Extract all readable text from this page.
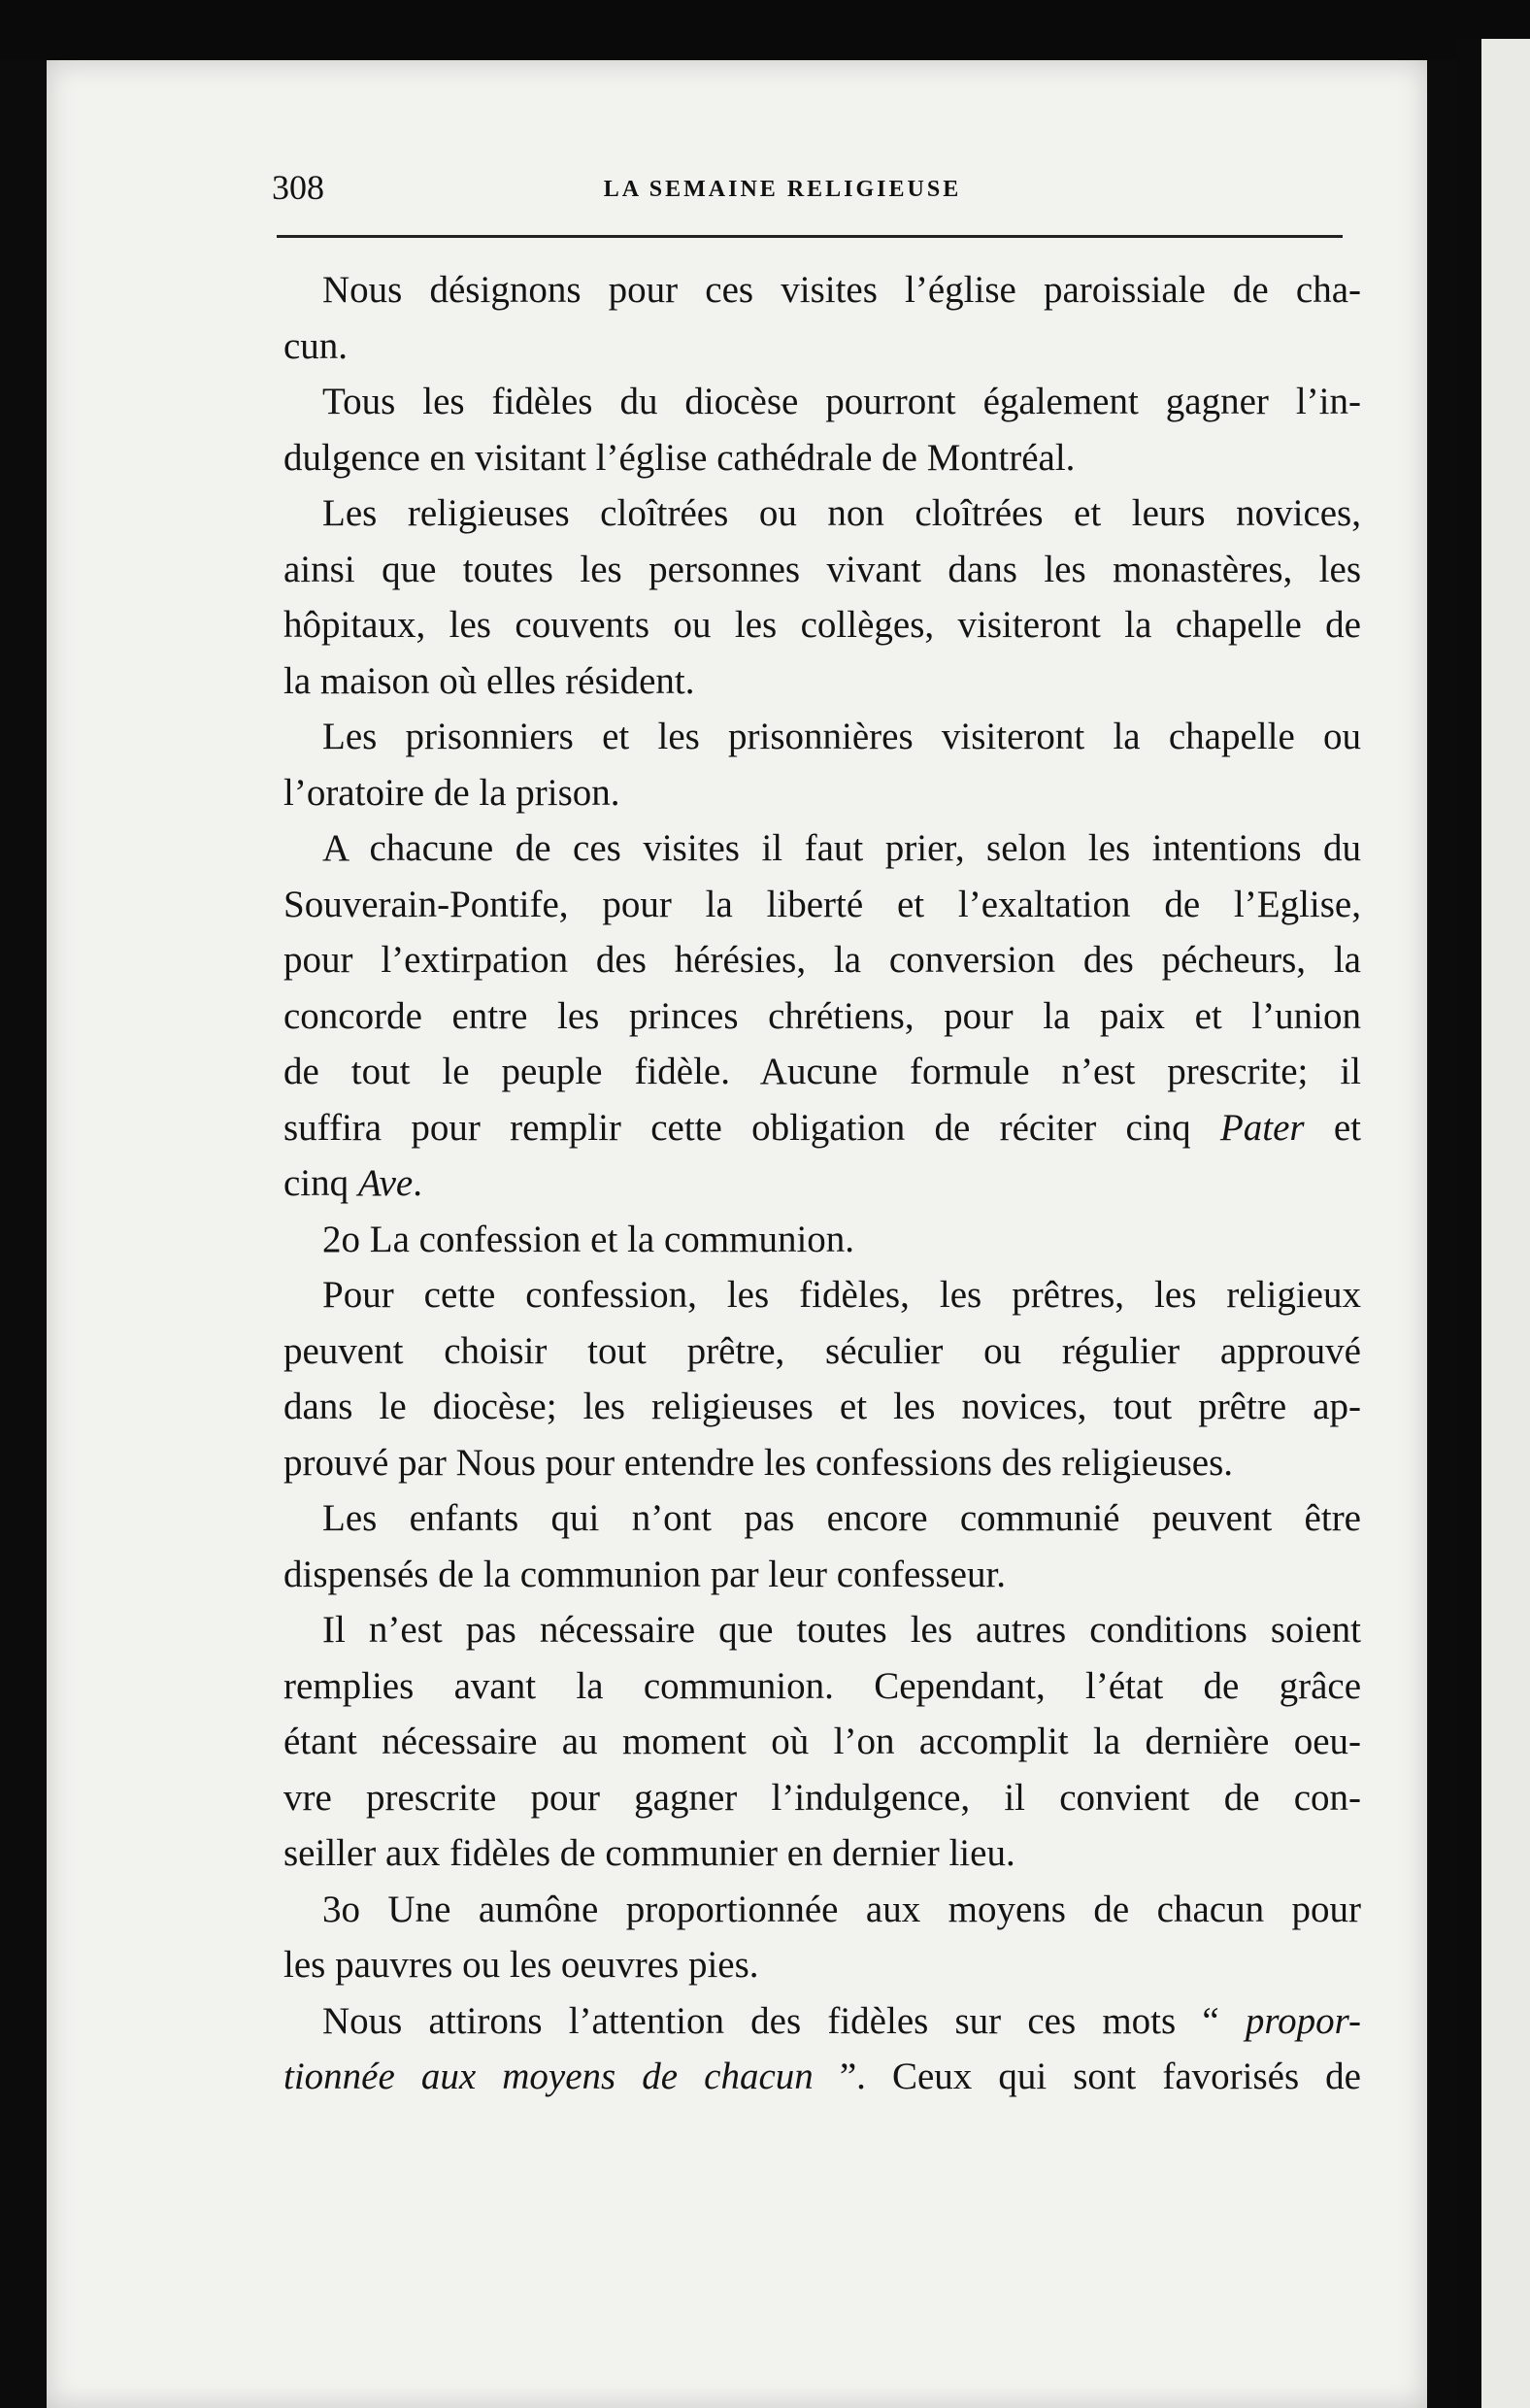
308	LA SEMAINE RELIGIEUSE
Nous désignons pour ces visites l’église paroissiale de cha-
cun.
Tous les fidèles du diocèse pourront également gagner l’in-
dulgence en visitant l’église cathédrale de Montréal.
Les religieuses cloîtrées ou non cloîtrées et leurs novices,
ainsi que toutes les personnes vivant dans les monastères, les
hôpitaux, les couvents ou les collèges, visiteront la chapelle de
la maison où elles résident.
Les prisonniers et les prisonnières visiteront la chapelle ou
l’oratoire de la prison.
A chacune de ces visites il faut prier, selon les intentions du
Souverain-Pontife, pour la liberté et l’exaltation de l’Eglise,
pour l’extirpation des hérésies, la conversion des pécheurs, la
concorde entre les princes chrétiens, pour la paix et l’union
de tout le peuple fidèle. Aucune formule n’est prescrite; il
suffira pour remplir cette obligation de réciter cinq Pater et
cinq Ave.
2o La confession et la communion.
Pour cette confession, les fidèles, les prêtres, les religieux
peuvent choisir tout prêtre, séculier ou régulier approuvé
dans le diocèse; les religieuses et les novices, tout prêtre ap-
prouvé par Nous pour entendre les confessions des religieuses.
Les enfants qui n’ont pas encore communié peuvent être
dispensés de la communion par leur confesseur.
Il n’est pas nécessaire que toutes les autres conditions soient
remplies avant la communion. Cependant, l’état de grâce
étant nécessaire au moment où l’on accomplit la dernière oeu-
vre prescrite pour gagner l’indulgence, il convient de con-
seiller aux fidèles de communier en dernier lieu.
3o Une aumône proportionnée aux moyens de chacun pour
les pauvres ou les oeuvres pies.
Nous attirons l’attention des fidèles sur ces mots “ propor-
tionnée aux moyens de chacun ”. Ceux qui sont favorisés de
